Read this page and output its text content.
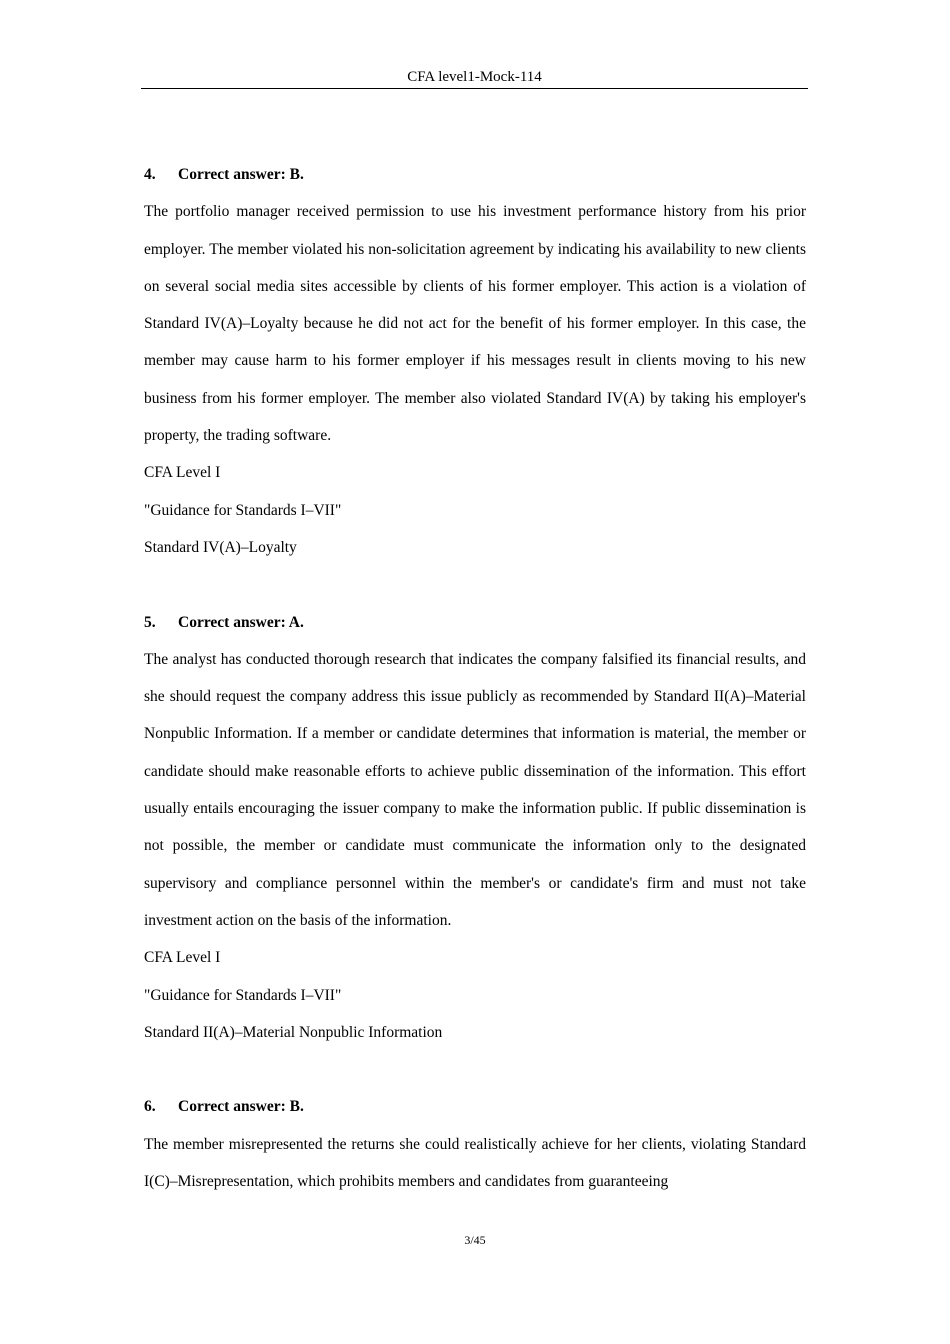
CFA level1-Mock-114
4. Correct answer: B.

The portfolio manager received permission to use his investment performance history from his prior employer. The member violated his non-solicitation agreement by indicating his availability to new clients on several social media sites accessible by clients of his former employer. This action is a violation of Standard IV(A)–Loyalty because he did not act for the benefit of his former employer. In this case, the member may cause harm to his former employer if his messages result in clients moving to his new business from his former employer. The member also violated Standard IV(A) by taking his employer's property, the trading software.

CFA Level I
"Guidance for Standards I–VII"
Standard IV(A)–Loyalty
5. Correct answer: A.

The analyst has conducted thorough research that indicates the company falsified its financial results, and she should request the company address this issue publicly as recommended by Standard II(A)–Material Nonpublic Information. If a member or candidate determines that information is material, the member or candidate should make reasonable efforts to achieve public dissemination of the information. This effort usually entails encouraging the issuer company to make the information public. If public dissemination is not possible, the member or candidate must communicate the information only to the designated supervisory and compliance personnel within the member's or candidate's firm and must not take investment action on the basis of the information.

CFA Level I
"Guidance for Standards I–VII"
Standard II(A)–Material Nonpublic Information
6. Correct answer: B.

The member misrepresented the returns she could realistically achieve for her clients, violating Standard I(C)–Misrepresentation, which prohibits members and candidates from guaranteeing

3/45
